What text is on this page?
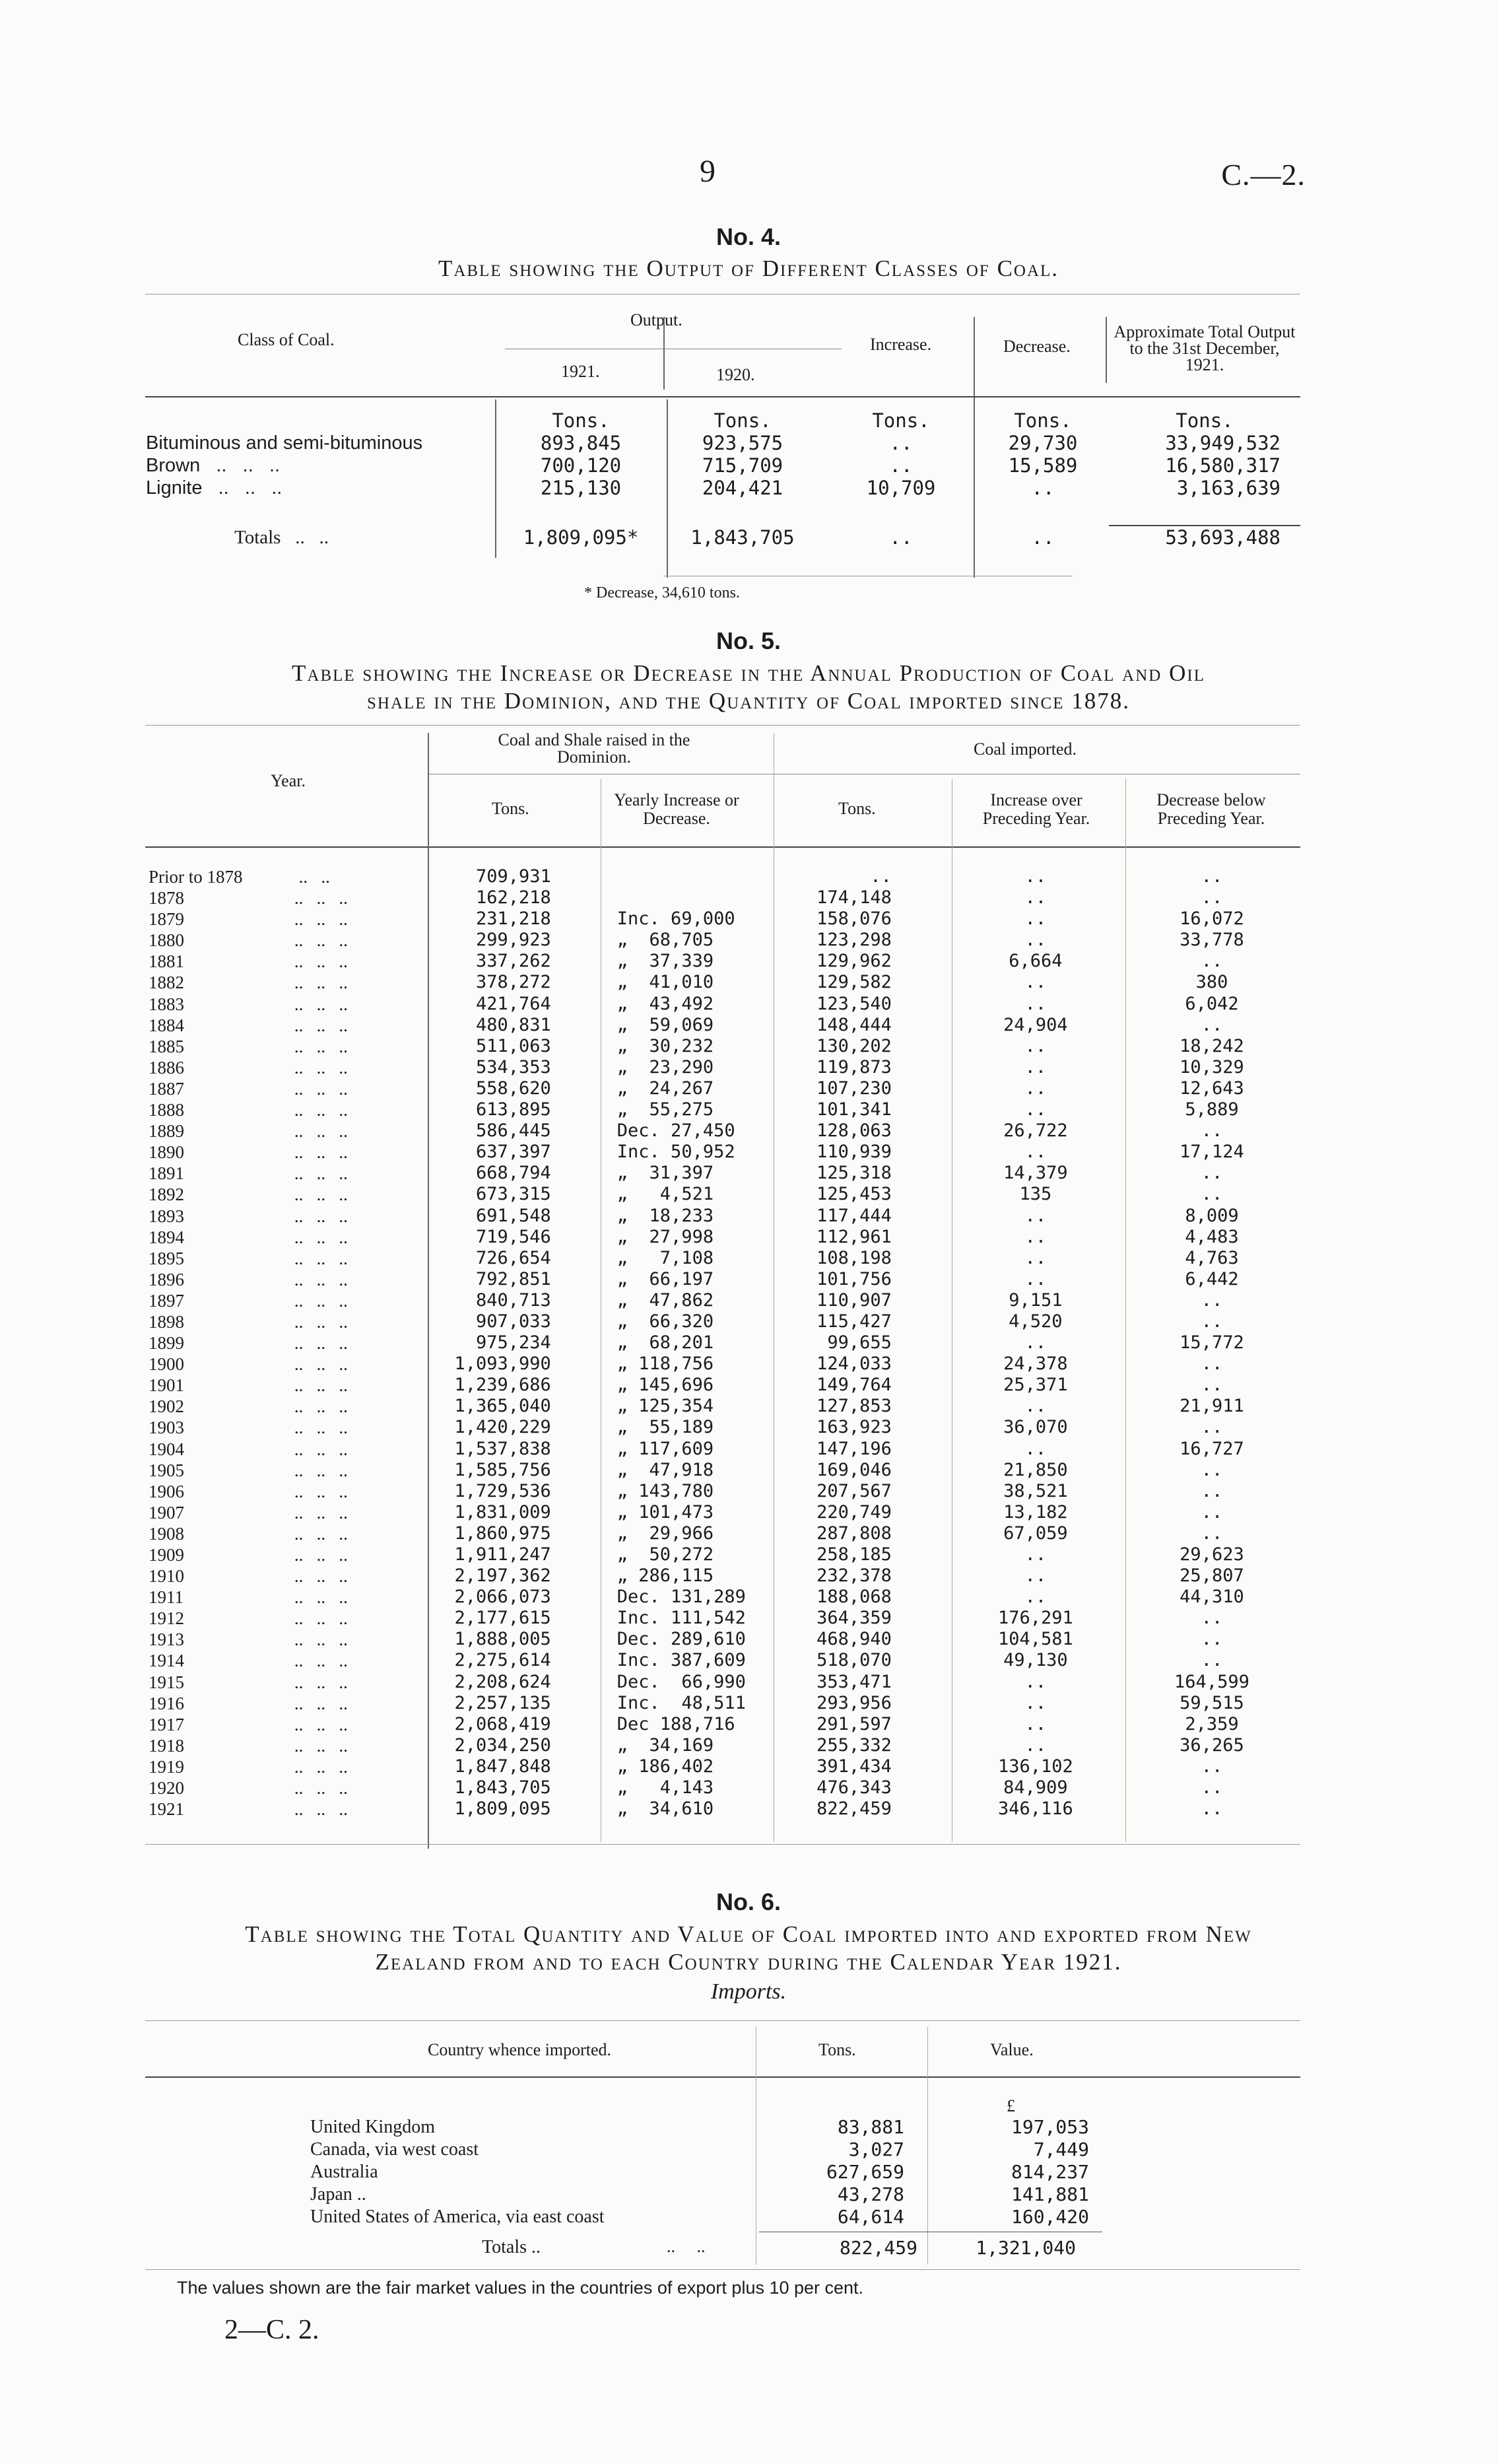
9	C.—2.
No. 4.
Table showing the Output of Different Classes of Coal.
Class of Coal.
Output.
1921.	1920.
Increase.	Decrease.
Approximate Total Output to the 31st December, 1921.
	Tons.	Tons.	Tons.	Tons.	Tons.
Bituminous and semi-bituminous	893,845	923,575	..	29,730	33,949,532
Brown   ..   ..   ..	700,120	715,709	..	15,589	16,580,317
Lignite   ..   ..   ..	215,130	204,421	10,709	..	3,163,639

Totals   ..   ..	1,809,095*	1,843,705	..	..	53,693,488
* Decrease, 34,610 tons.
No. 5.
Table showing the Increase or Decrease in the Annual Production of Coal and Oil
shale in the Dominion, and the Quantity of Coal imported since 1878.
Year.
Coal and Shale raised in the Dominion.
Tons.	Yearly Increase or Decrease.
Coal imported.
Tons.	Increase over Preceding Year.
Decrease below Preceding Year.
Prior to 1878	..   ..	709,931		..	..	..
1878	..   ..   ..	162,218		174,148	..	..
1879	..   ..   ..	231,218	Inc. 69,000	158,076	..	16,072
1880	..   ..   ..	299,923	„  68,705	123,298	..	33,778
1881	..   ..   ..	337,262	„  37,339	129,962	6,664	..
1882	..   ..   ..	378,272	„  41,010	129,582	..	380
1883	..   ..   ..	421,764	„  43,492	123,540	..	6,042
1884	..   ..   ..	480,831	„  59,069	148,444	24,904	..
1885	..   ..   ..	511,063	„  30,232	130,202	..	18,242
1886	..   ..   ..	534,353	„  23,290	119,873	..	10,329
1887	..   ..   ..	558,620	„  24,267	107,230	..	12,643
1888	..   ..   ..	613,895	„  55,275	101,341	..	5,889
1889	..   ..   ..	586,445	Dec. 27,450	128,063	26,722	..
1890	..   ..   ..	637,397	Inc. 50,952	110,939	..	17,124
1891	..   ..   ..	668,794	„  31,397	125,318	14,379	..
1892	..   ..   ..	673,315	„   4,521	125,453	135	..
1893	..   ..   ..	691,548	„  18,233	117,444	..	8,009
1894	..   ..   ..	719,546	„  27,998	112,961	..	4,483
1895	..   ..   ..	726,654	„   7,108	108,198	..	4,763
1896	..   ..   ..	792,851	„  66,197	101,756	..	6,442
1897	..   ..   ..	840,713	„  47,862	110,907	9,151	..
1898	..   ..   ..	907,033	„  66,320	115,427	4,520	..
1899	..   ..   ..	975,234	„  68,201	99,655	..	15,772
1900	..   ..   ..	1,093,990	„ 118,756	124,033	24,378	..
1901	..   ..   ..	1,239,686	„ 145,696	149,764	25,371	..
1902	..   ..   ..	1,365,040	„ 125,354	127,853	..	21,911
1903	..   ..   ..	1,420,229	„  55,189	163,923	36,070	..
1904	..   ..   ..	1,537,838	„ 117,609	147,196	..	16,727
1905	..   ..   ..	1,585,756	„  47,918	169,046	21,850	..
1906	..   ..   ..	1,729,536	„ 143,780	207,567	38,521	..
1907	..   ..   ..	1,831,009	„ 101,473	220,749	13,182	..
1908	..   ..   ..	1,860,975	„  29,966	287,808	67,059	..
1909	..   ..   ..	1,911,247	„  50,272	258,185	..	29,623
1910	..   ..   ..	2,197,362	„ 286,115	232,378	..	25,807
1911	..   ..   ..	2,066,073	Dec. 131,289	188,068	..	44,310
1912	..   ..   ..	2,177,615	Inc. 111,542	364,359	176,291	..
1913	..   ..   ..	1,888,005	Dec. 289,610	468,940	104,581	..
1914	..   ..   ..	2,275,614	Inc. 387,609	518,070	49,130	..
1915	..   ..   ..	2,208,624	Dec.  66,990	353,471	..	164,599
1916	..   ..   ..	2,257,135	Inc.  48,511	293,956	..	59,515
1917	..   ..   ..	2,068,419	Dec 188,716	291,597	..	2,359
1918	..   ..   ..	2,034,250	„  34,169	255,332	..	36,265
1919	..   ..   ..	1,847,848	„ 186,402	391,434	136,102	..
1920	..   ..   ..	1,843,705	„   4,143	476,343	84,909	..
1921	..   ..   ..	1,809,095	„  34,610	822,459	346,116	..
No. 6.
Table showing the Total Quantity and Value of Coal imported into and exported from New
Zealand from and to each Country during the Calendar Year 1921.
Imports.
Country whence imported.	Tons.	Value.
£
United Kingdom	83,881	197,053
Canada, via west coast	3,027	7,449
Australia	627,659	814,237
Japan ..	43,278	141,881
United States of America, via east coast	64,614	160,420
Totals ..	..     ..	822,459	1,321,040
The values shown are the fair market values in the countries of export plus 10 per cent.
2—C. 2.
